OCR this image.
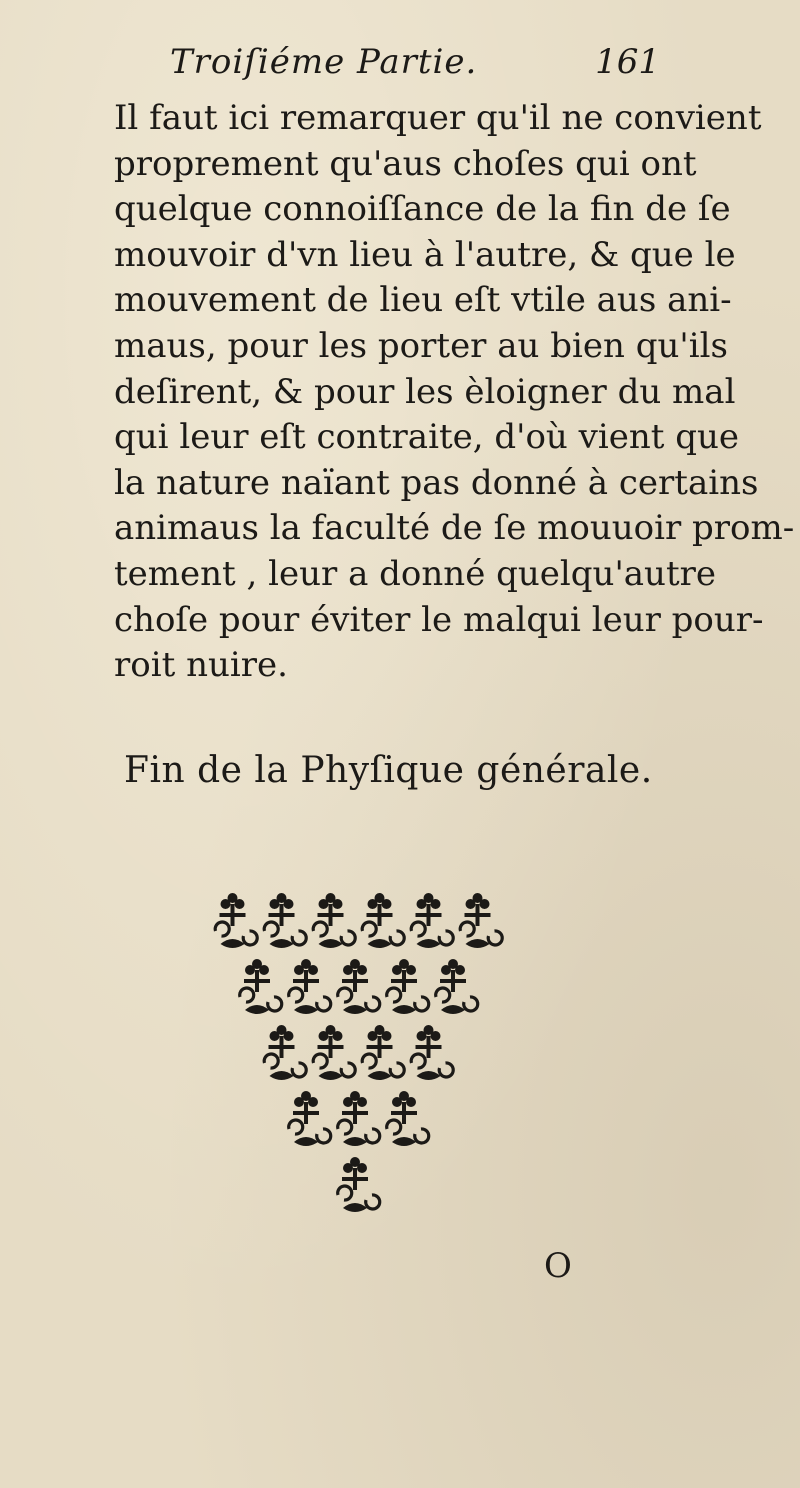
Troiſiéme Partie.	161
Il faut ici remarquer qu'il ne convient
proprement qu'aus choſes qui ont
quelque connoiſſance de la fin de ſe
mouvoir d'vn lieu à l'autre, & que le
mouvement de lieu eſt vtile aus ani-
maus, pour les porter au bien qu'ils
deſirent, & pour les èloigner du mal
qui leur eſt contraite, d'où vient que
la nature naïant pas donné à certains
animaus la faculté de ſe mouuoir prom-
tement , leur a donné quelqu'autre
choſe pour éviter le malqui leur pour-
roit nuire.
Fin de la Phyſique générale.
O
